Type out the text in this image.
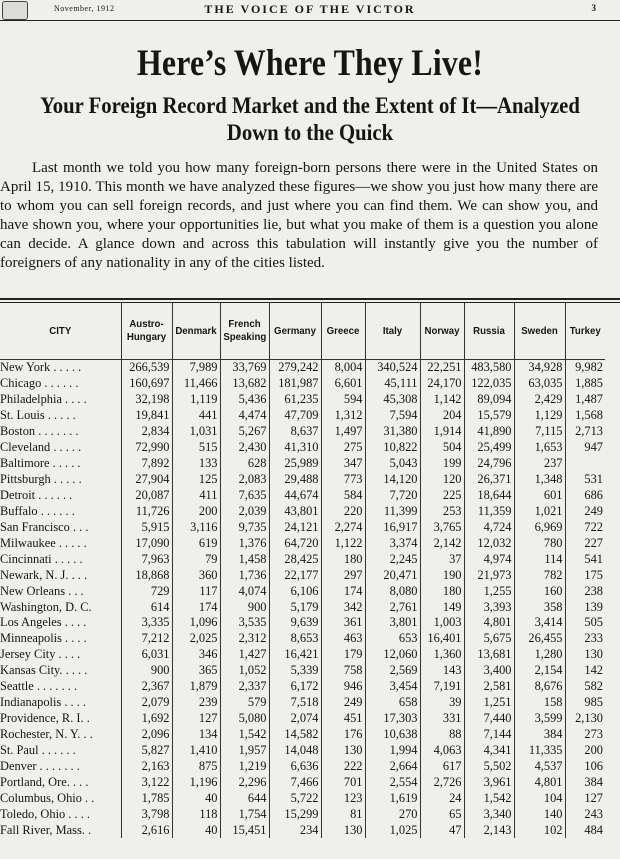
November, 1912	THE VOICE OF THE VICTOR	3
Here’s Where They Live!
Your Foreign Record Market and the Extent of It—Analyzed
Down to the Quick

Last month we told you how many foreign-born persons there were in the United States on April 15, 1910. This month we have analyzed these figures—we show you just how many there are to whom you can sell foreign records, and just where you can find them. We can show you, and have shown you, where your opportunities lie, but what you make of them is a question you alone can decide. A glance down and across this tabulation will instantly give you the number of foreigners of any nationality in any of the cities listed.

CITY	Austro-Hungary	Denmark	French Speaking	Germany	Greece	Italy	Norway	Russia	Sweden	Turkey
New York . . . . .	266,539	7,989	33,769	279,242	8,004	340,524	22,251	483,580	34,928	9,982
Chicago . . . . . .	160,697	11,466	13,682	181,987	6,601	45,111	24,170	122,035	63,035	1,885
Philadelphia . . . .	32,198	1,119	5,436	61,235	594	45,308	1,142	89,094	2,429	1,487
St. Louis . . . . .	19,841	441	4,474	47,709	1,312	7,594	204	15,579	1,129	1,568
Boston . . . . . . .	2,834	1,031	5,267	8,637	1,497	31,380	1,914	41,890	7,115	2,713
Cleveland . . . . .	72,990	515	2,430	41,310	275	10,822	504	25,499	1,653	947
Baltimore . . . . .	7,892	133	628	25,989	347	5,043	199	24,796	237	
Pittsburgh . . . . .	27,904	125	2,083	29,488	773	14,120	120	26,371	1,348	531
Detroit . . . . . .	20,087	411	7,635	44,674	584	7,720	225	18,644	601	686
Buffalo . . . . . .	11,726	200	2,039	43,801	220	11,399	253	11,359	1,021	249
San Francisco . . .	5,915	3,116	9,735	24,121	2,274	16,917	3,765	4,724	6,969	722
Milwaukee . . . . .	17,090	619	1,376	64,720	1,122	3,374	2,142	12,032	780	227
Cincinnati . . . . .	7,963	79	1,458	28,425	180	2,245	37	4,974	114	541
Newark, N. J. . . .	18,868	360	1,736	22,177	297	20,471	190	21,973	782	175
New Orleans . . .	729	117	4,074	6,106	174	8,080	180	1,255	160	238
Washington, D. C.	614	174	900	5,179	342	2,761	149	3,393	358	139
Los Angeles . . . .	3,335	1,096	3,535	9,639	361	3,801	1,003	4,801	3,414	505
Minneapolis . . . .	7,212	2,025	2,312	8,653	463	653	16,401	5,675	26,455	233
Jersey City . . . .	6,031	346	1,427	16,421	179	12,060	1,360	13,681	1,280	130
Kansas City. . . . .	900	365	1,052	5,339	758	2,569	143	3,400	2,154	142
Seattle . . . . . . .	2,367	1,879	2,337	6,172	946	3,454	7,191	2,581	8,676	582
Indianapolis . . . .	2,079	239	579	7,518	249	658	39	1,251	158	985
Providence, R. I. .	1,692	127	5,080	2,074	451	17,303	331	7,440	3,599	2,130
Rochester, N. Y. . .	2,096	134	1,542	14,582	176	10,638	88	7,144	384	273
St. Paul . . . . . .	5,827	1,410	1,957	14,048	130	1,994	4,063	4,341	11,335	200
Denver . . . . . . .	2,163	875	1,219	6,636	222	2,664	617	5,502	4,537	106
Portland, Ore. . . .	3,122	1,196	2,296	7,466	701	2,554	2,726	3,961	4,801	384
Columbus, Ohio . .	1,785	40	644	5,722	123	1,619	24	1,542	104	127
Toledo, Ohio . . . .	3,798	118	1,754	15,299	81	270	65	3,340	140	243
Fall River, Mass. .	2,616	40	15,451	234	130	1,025	47	2,143	102	484
